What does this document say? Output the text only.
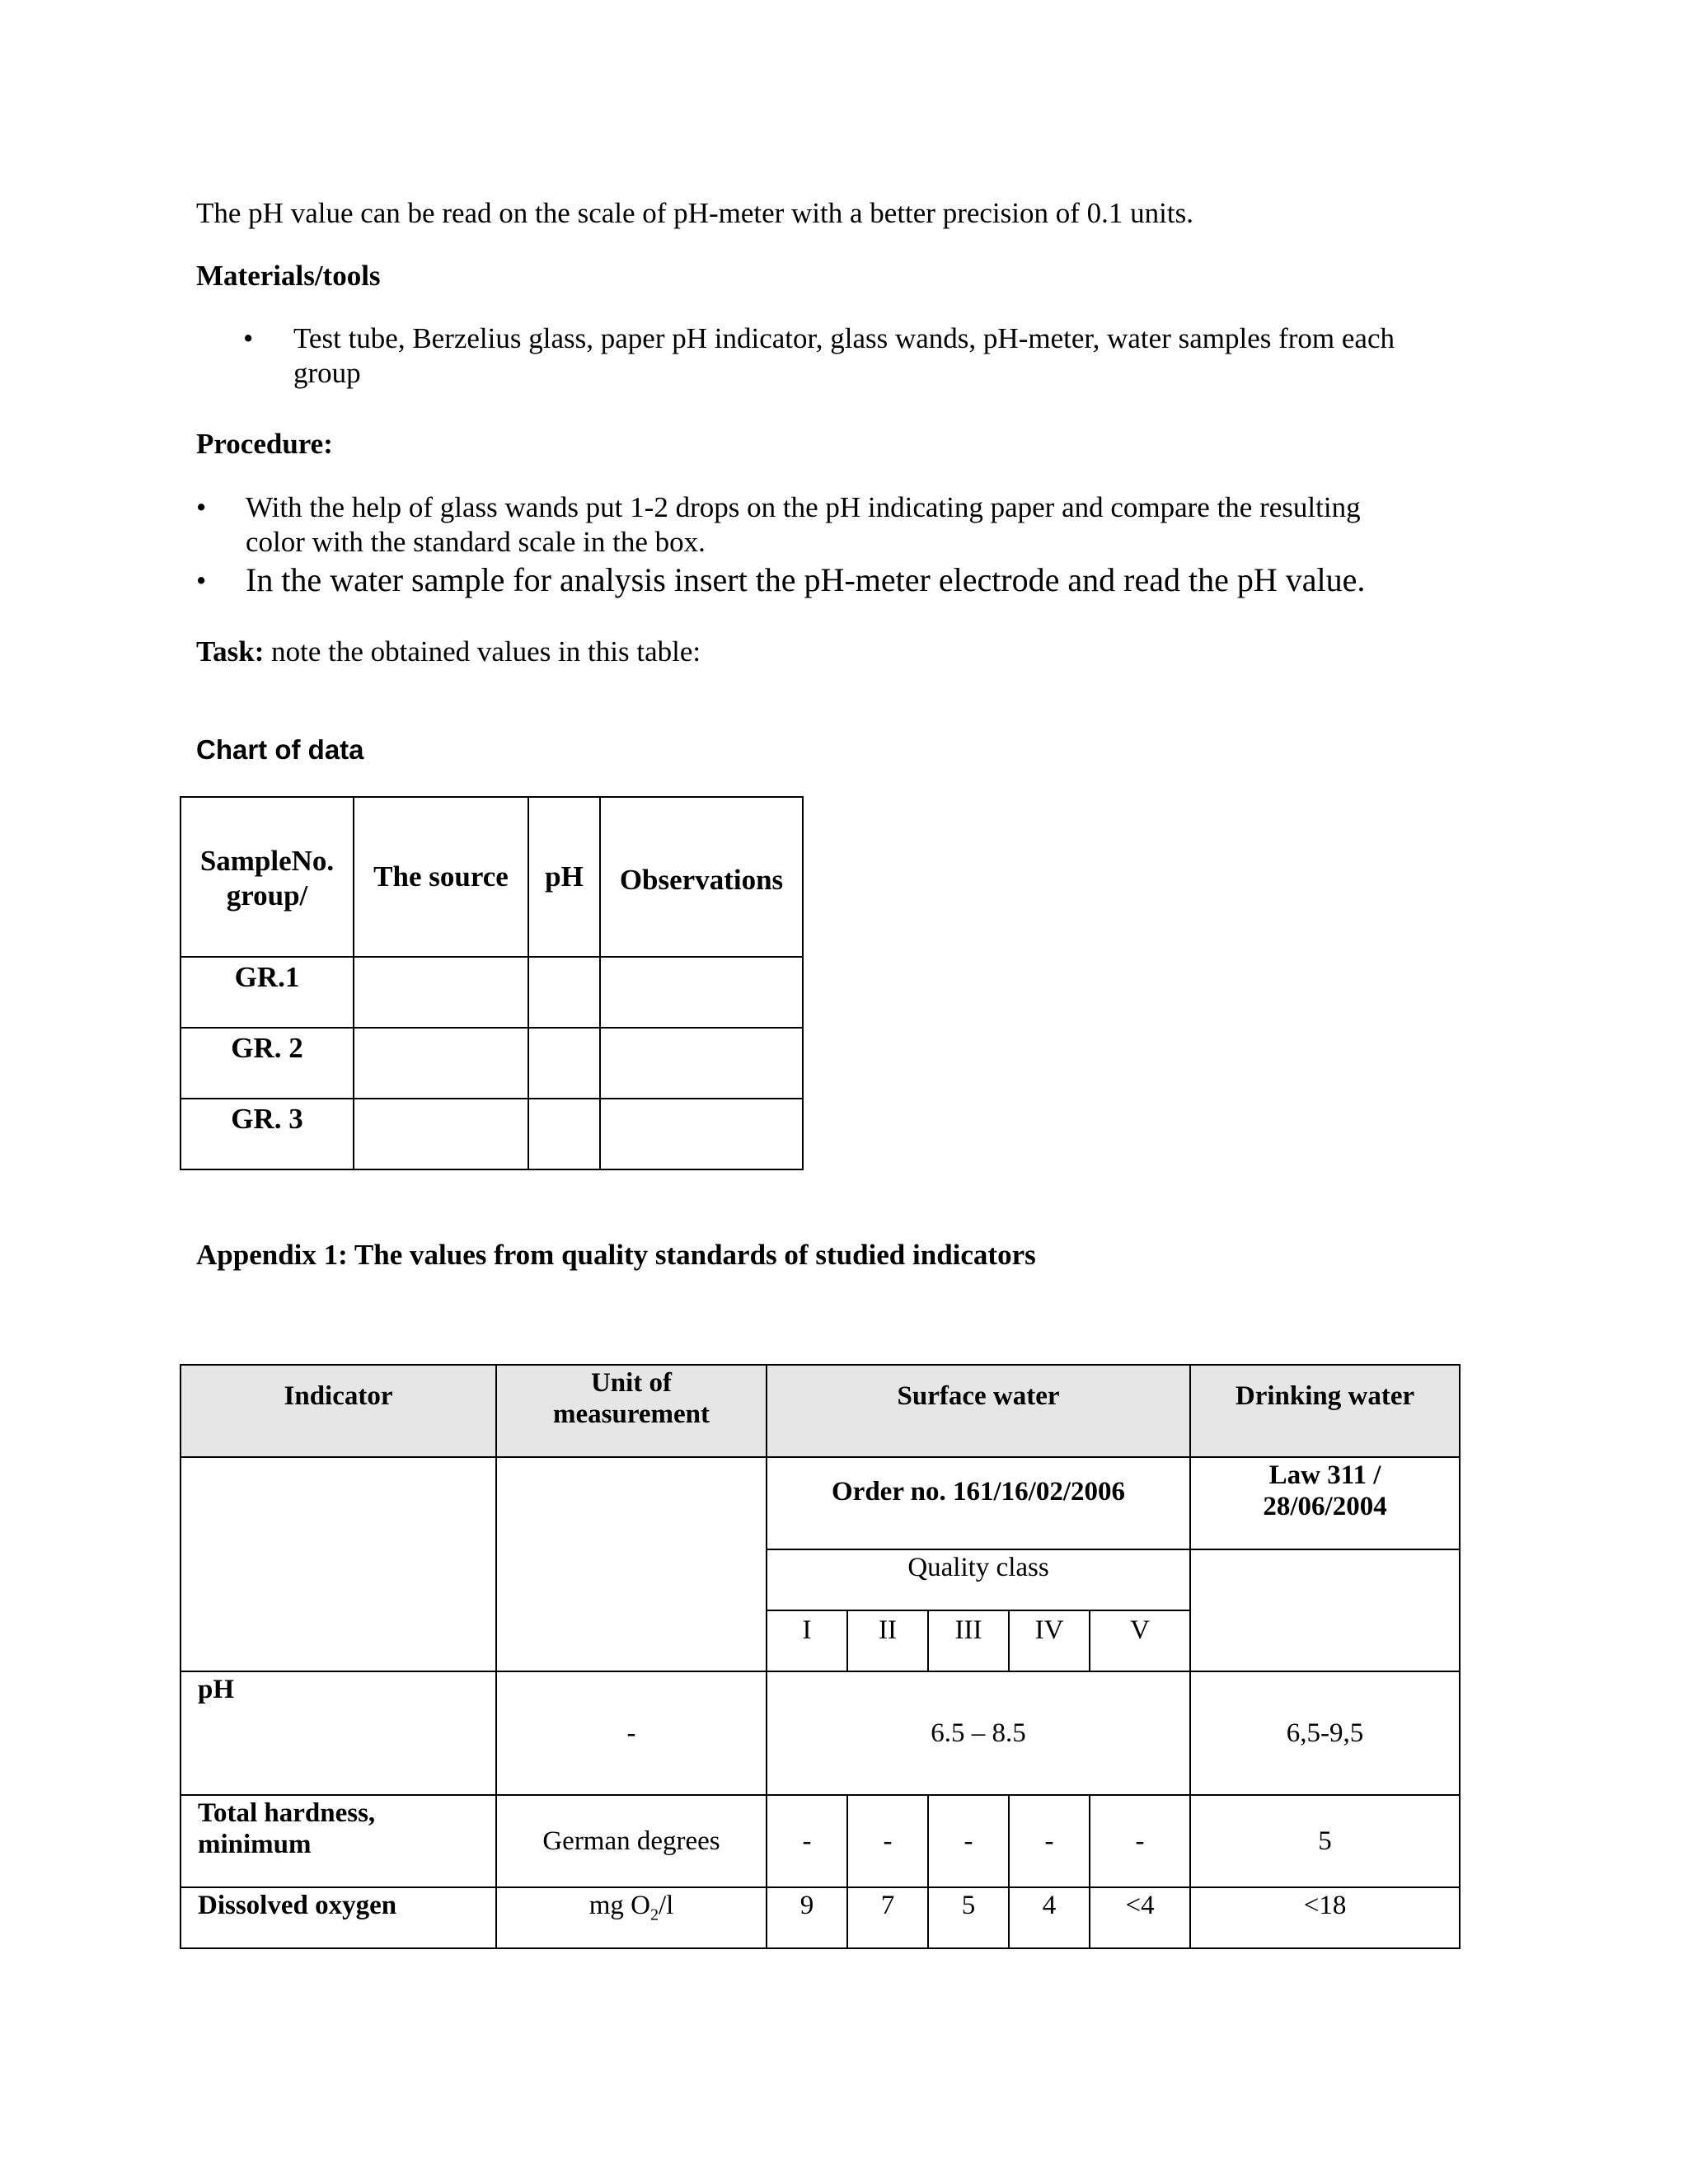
The pH value can be read on the scale of pH-meter with a better precision of 0.1 units.
Materials/tools
• Test tube, Berzelius glass, paper pH indicator, glass wands, pH-meter, water samples from each
group
Procedure:
• With the help of glass wands put 1-2 drops on the pH indicating paper and compare the resulting
color with the standard scale in the box.
• In the water sample for analysis insert the pH-meter electrode and read the pH value.
Task: note the obtained values in this table:
Chart of data
SampleNo.
group/	The source	pH	Observations
GR.1			
GR. 2			
GR. 3			
Appendix 1: The values from quality standards of studied indicators
Indicator	Unit of
measurement	Surface water					Drinking water
		Order no. 161/16/02/2006					Law 311 /
28/06/2004

		Quality class					
		I	II	III	IV	V	
pH	-	6.5 – 8.5					6,5-9,5

Total hardness,
minimum	German degrees	-	-	-	-	-	5
Dissolved oxygen	mg $O_2/l$	9	7	5	4	<4	<18
